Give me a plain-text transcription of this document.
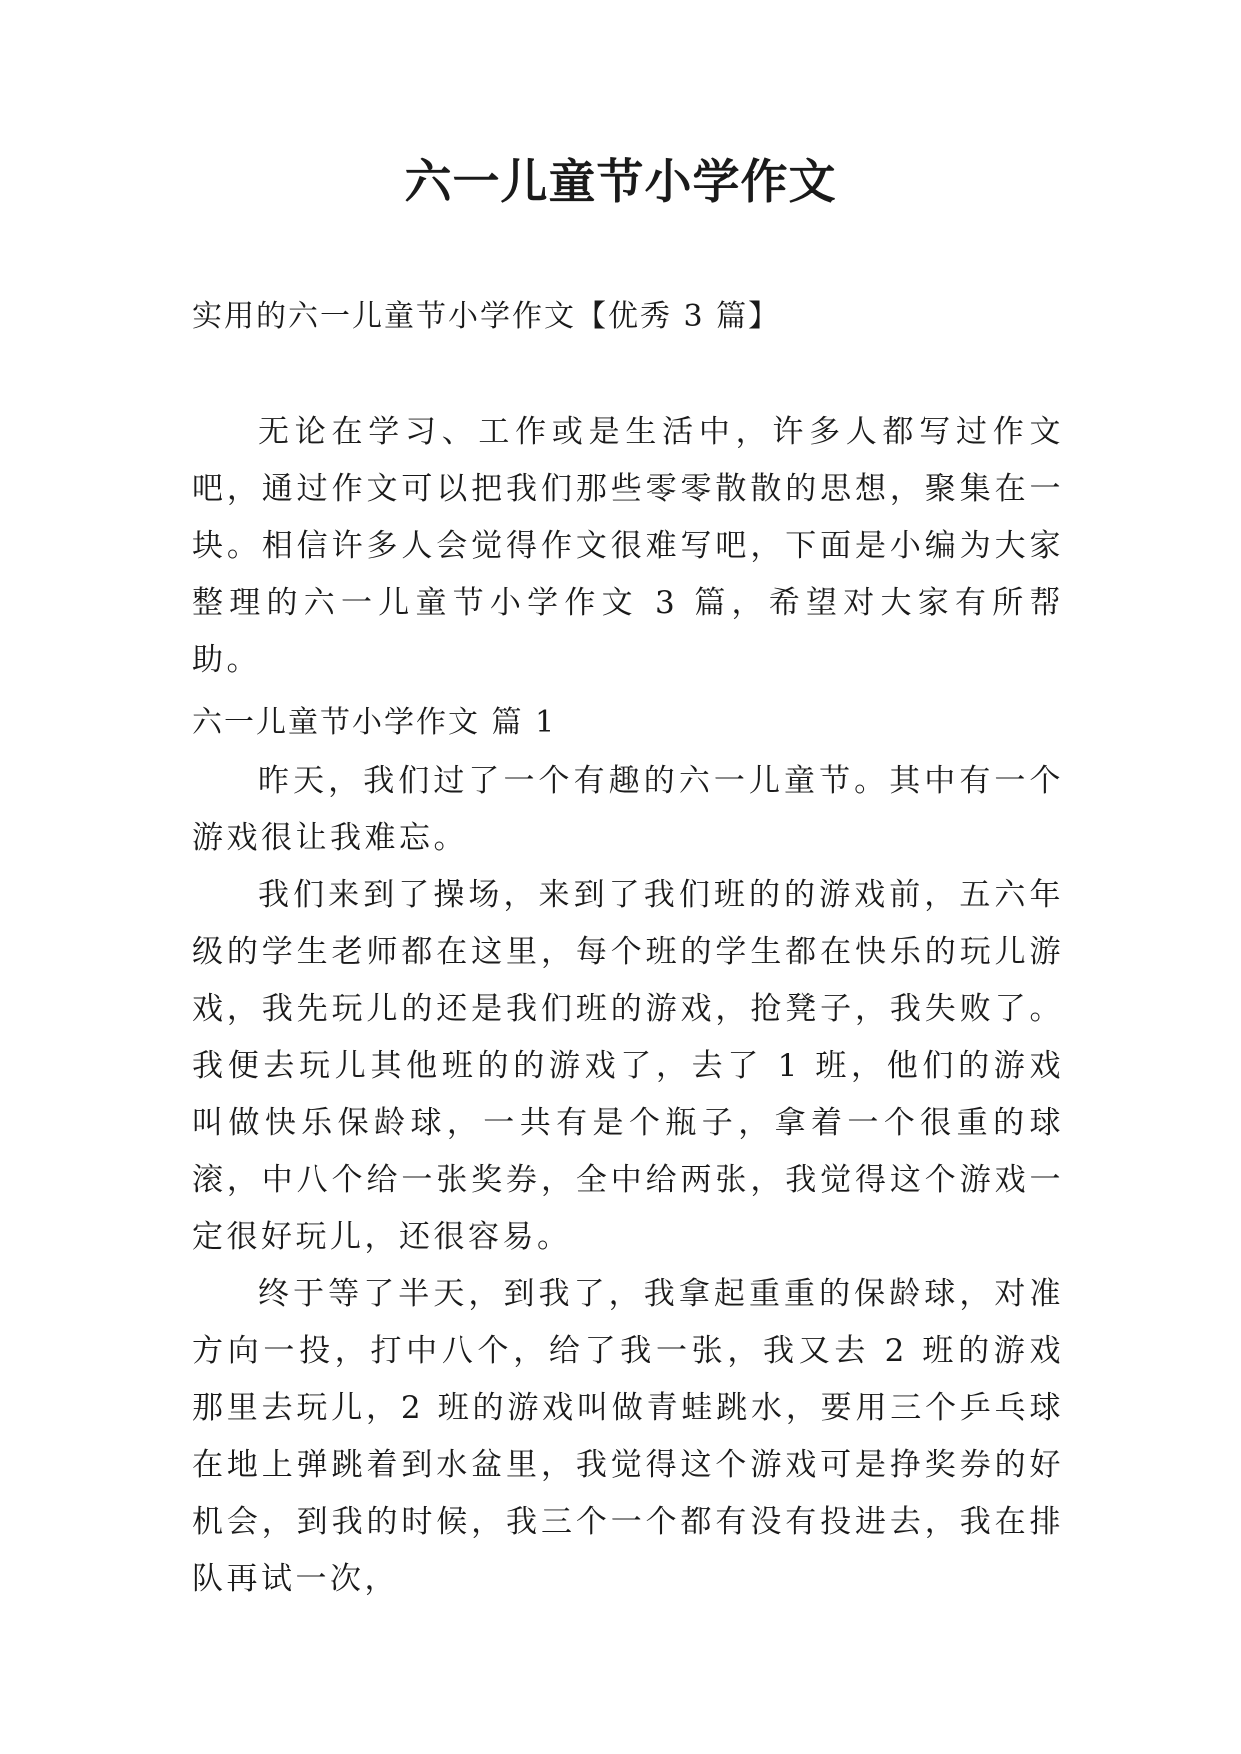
六一儿童节小学作文

实用的六一儿童节小学作文【优秀 3 篇】

无论在学习、工作或是生活中，许多人都写过作文吧，通过作文可以把我们那些零零散散的思想，聚集在一块。相信许多人会觉得作文很难写吧，下面是小编为大家整理的六一儿童节小学作文 3 篇，希望对大家有所帮助。

六一儿童节小学作文 篇 1

昨天，我们过了一个有趣的六一儿童节。其中有一个游戏很让我难忘。

我们来到了操场，来到了我们班的的游戏前，五六年级的学生老师都在这里，每个班的学生都在快乐的玩儿游戏，我先玩儿的还是我们班的游戏，抢凳子，我失败了。我便去玩儿其他班的的游戏了，去了 1 班，他们的游戏叫做快乐保龄球，一共有是个瓶子，拿着一个很重的球滚，中八个给一张奖券，全中给两张，我觉得这个游戏一定很好玩儿，还很容易。

终于等了半天，到我了，我拿起重重的保龄球，对准方向一投，打中八个，给了我一张，我又去 2 班的游戏那里去玩儿，2 班的游戏叫做青蛙跳水，要用三个乒乓球在地上弹跳着到水盆里，我觉得这个游戏可是挣奖券的好机会，到我的时候，我三个一个都有没有投进去，我在排队再试一次，
